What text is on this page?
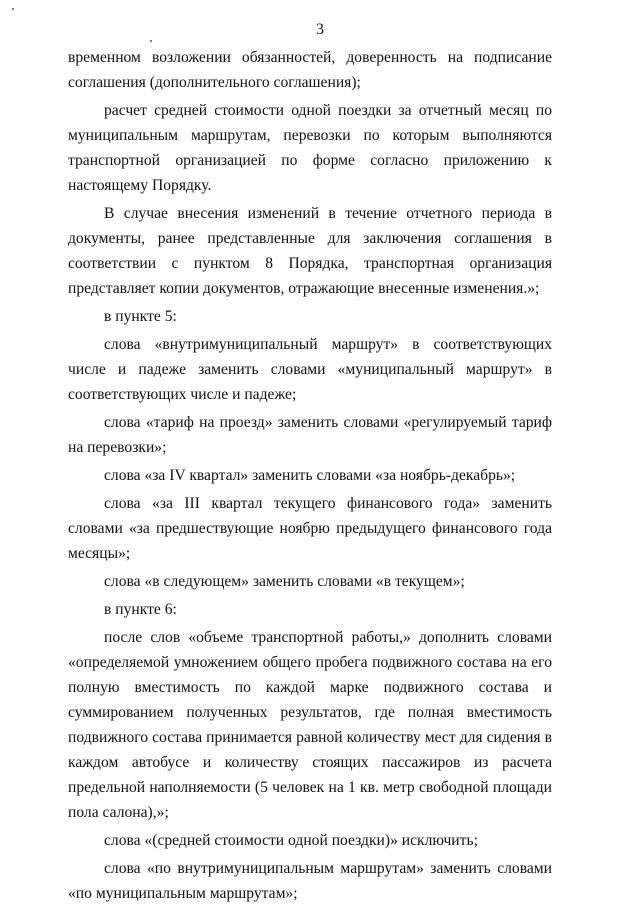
3

временном возложении обязанностей, доверенность на подписание соглашения (дополнительного соглашения);

расчет средней стоимости одной поездки за отчетный месяц по муниципальным маршрутам, перевозки по которым выполняются транспортной организацией по форме согласно приложению к настоящему Порядку.

В случае внесения изменений в течение отчетного периода в документы, ранее представленные для заключения соглашения в соответствии с пунктом 8 Порядка, транспортная организация представляет копии документов, отражающие внесенные изменения.»;

в пункте 5:

слова «внутримуниципальный маршрут» в соответствующих числе и падеже заменить словами «муниципальный маршрут» в соответствующих числе и падеже;

слова «тариф на проезд» заменить словами «регулируемый тариф на перевозки»;

слова «за IV квартал» заменить словами «за ноябрь-декабрь»;

слова «за III квартал текущего финансового года» заменить словами «за предшествующие ноябрю предыдущего финансового года месяцы»;

слова «в следующем» заменить словами «в текущем»;

в пункте 6:

после слов «объеме транспортной работы,» дополнить словами «определяемой умножением общего пробега подвижного состава на его полную вместимость по каждой марке подвижного состава и суммированием полученных результатов, где полная вместимость подвижного состава принимается равной количеству мест для сидения в каждом автобусе и количеству стоящих пассажиров из расчета предельной наполняемости (5 человек на 1 кв. метр свободной площади пола салона),»;

слова «(средней стоимости одной поездки)» исключить;

слова «по внутримуниципальным маршрутам» заменить словами «по муниципальным маршрутам»;
